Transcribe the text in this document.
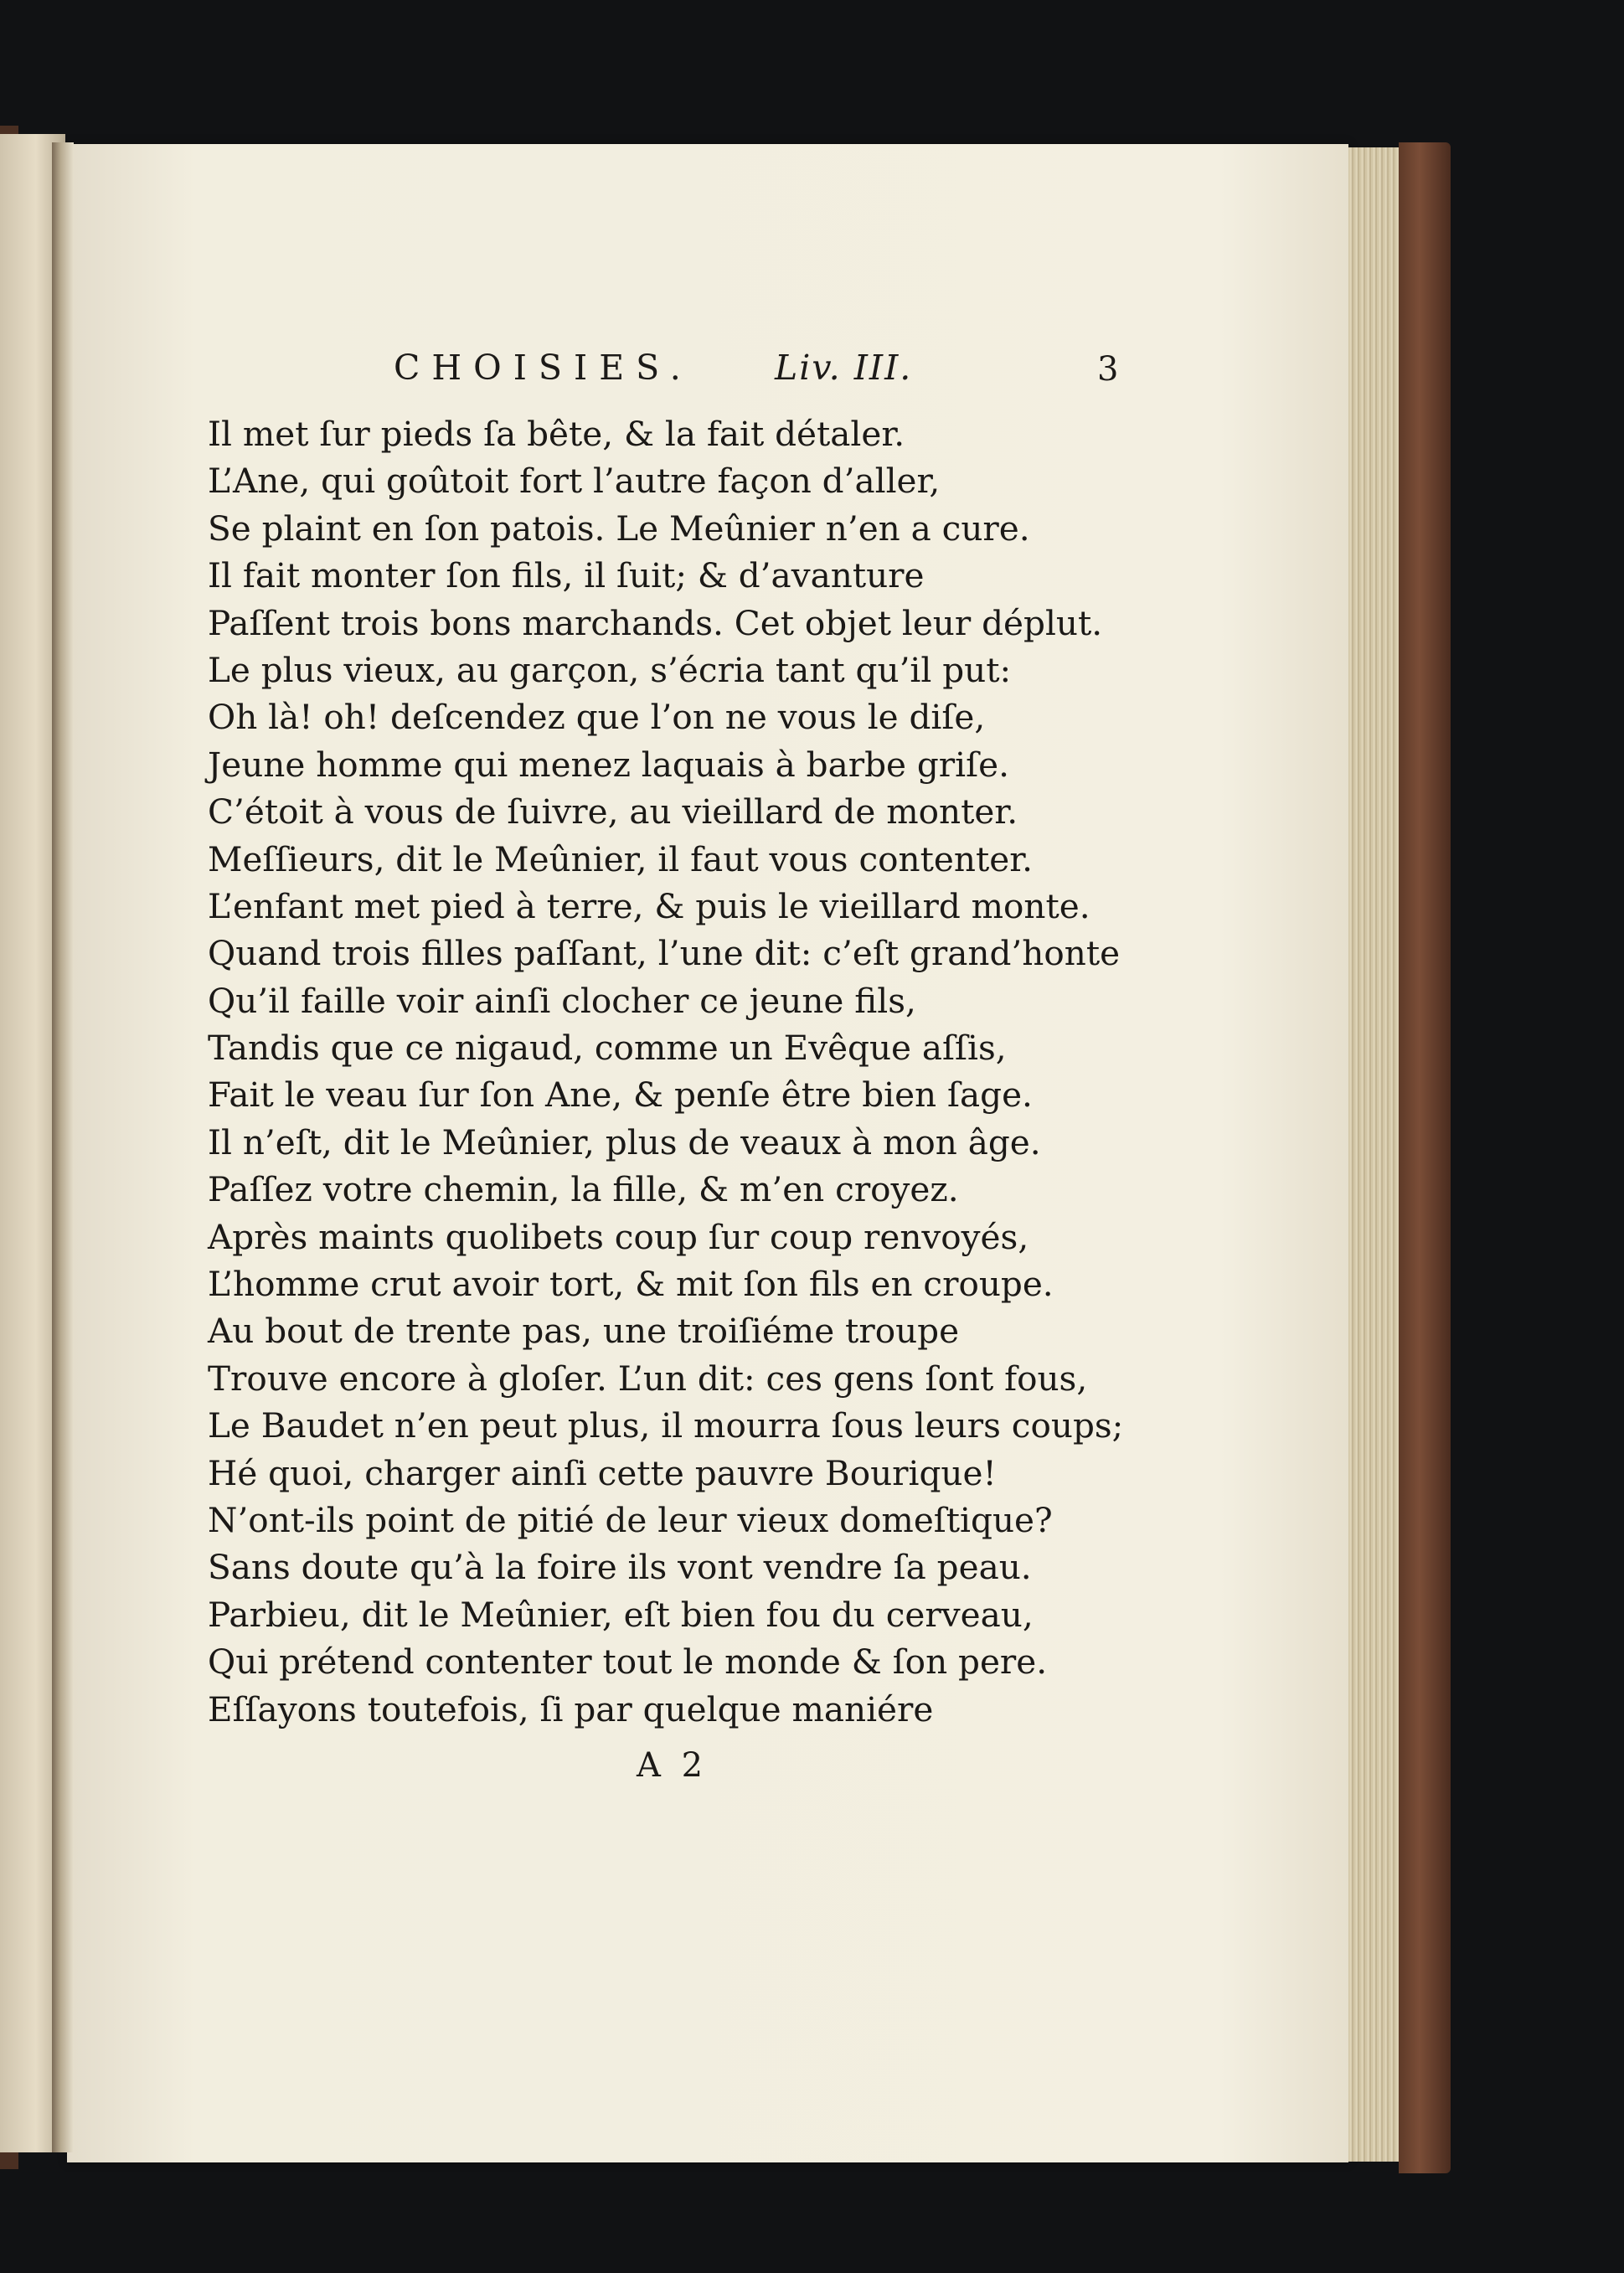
CHOISIES. Liv. III.	3
Il met ſur pieds ſa bête, & la fait détaler.
L’Ane, qui goûtoit fort l’autre façon d’aller,
Se plaint en ſon patois. Le Meûnier n’en a cure.
Il fait monter ſon fils, il ſuit; & d’avanture
Paſſent trois bons marchands. Cet objet leur déplut.
Le plus vieux, au garçon, s’écria tant qu’il put:
Oh là! oh! deſcendez que l’on ne vous le diſe,
Jeune homme qui menez laquais à barbe griſe.
C’étoit à vous de ſuivre, au vieillard de monter.
Meſſieurs, dit le Meûnier, il faut vous contenter.
L’enfant met pied à terre, & puis le vieillard monte.
Quand trois filles paſſant, l’une dit: c’eſt grand’honte
Qu’il faille voir ainſi clocher ce jeune fils,
Tandis que ce nigaud, comme un Evêque aſſis,
Fait le veau ſur ſon Ane, & penſe être bien ſage.
Il n’eſt, dit le Meûnier, plus de veaux à mon âge.
Paſſez votre chemin, la fille, & m’en croyez.
Après maints quolibets coup ſur coup renvoyés,
L’homme crut avoir tort, & mit ſon fils en croupe.
Au bout de trente pas, une troiſiéme troupe
Trouve encore à gloſer. L’un dit: ces gens ſont fous,
Le Baudet n’en peut plus, il mourra ſous leurs coups;
Hé quoi, charger ainſi cette pauvre Bourique!
N’ont-ils point de pitié de leur vieux domeſtique?
Sans doute qu’à la foire ils vont vendre ſa peau.
Parbieu, dit le Meûnier, eſt bien fou du cerveau,
Qui prétend contenter tout le monde & ſon pere.
Eſſayons toutefois, ſi par quelque maniére
A 2
